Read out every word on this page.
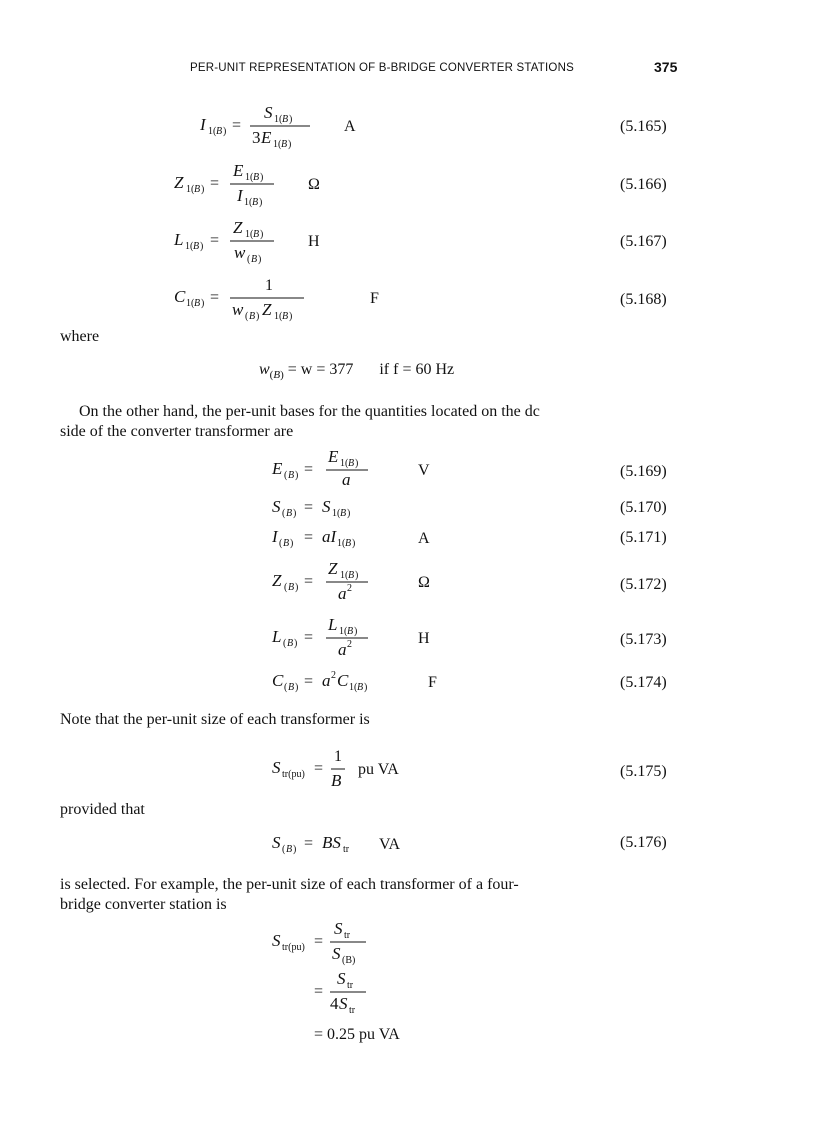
PER-UNIT REPRESENTATION OF B-BRIDGE CONVERTER STATIONS	375
I 1( B ) =
S 1( B )
3 E 1( B )
A	(5.165)
Z 1( B ) =
E 1( B )
I 1( B )
Ω	(5.166)
L 1( B ) =
Z 1( B )
w ( B )
H	(5.167)
C 1( B ) =
1
w ( B ) Z 1( B )
F	(5.168)
where
$w_{(B)} = w = 377$ if f = 60 Hz
On the other hand, the per-unit bases for the quantities located on the dc
side of the converter transformer are
E ( B ) =
E 1( B )
a	V	(5.169)
S ( B ) = S 1( B )	(5.170)
I ( B ) = aI 1( B )	A	(5.171)
Z ( B ) =
Z 1( B )
a 2	Ω	(5.172)
L ( B ) =
L 1( B )
a 2	H	(5.173)
C ( B ) = a 2 C 1( B )	F	(5.174)
Note that the per-unit size of each transformer is
S tr(pu) =
1
B
pu VA	(5.175)
provided that
S ( B ) = BS tr VA	(5.176)
is selected. For example, the per-unit size of each transformer of a four-
bridge converter station is
S tr(pu) =
S tr
S (B)
=
S tr
4 S tr
= 0.25 pu VA
